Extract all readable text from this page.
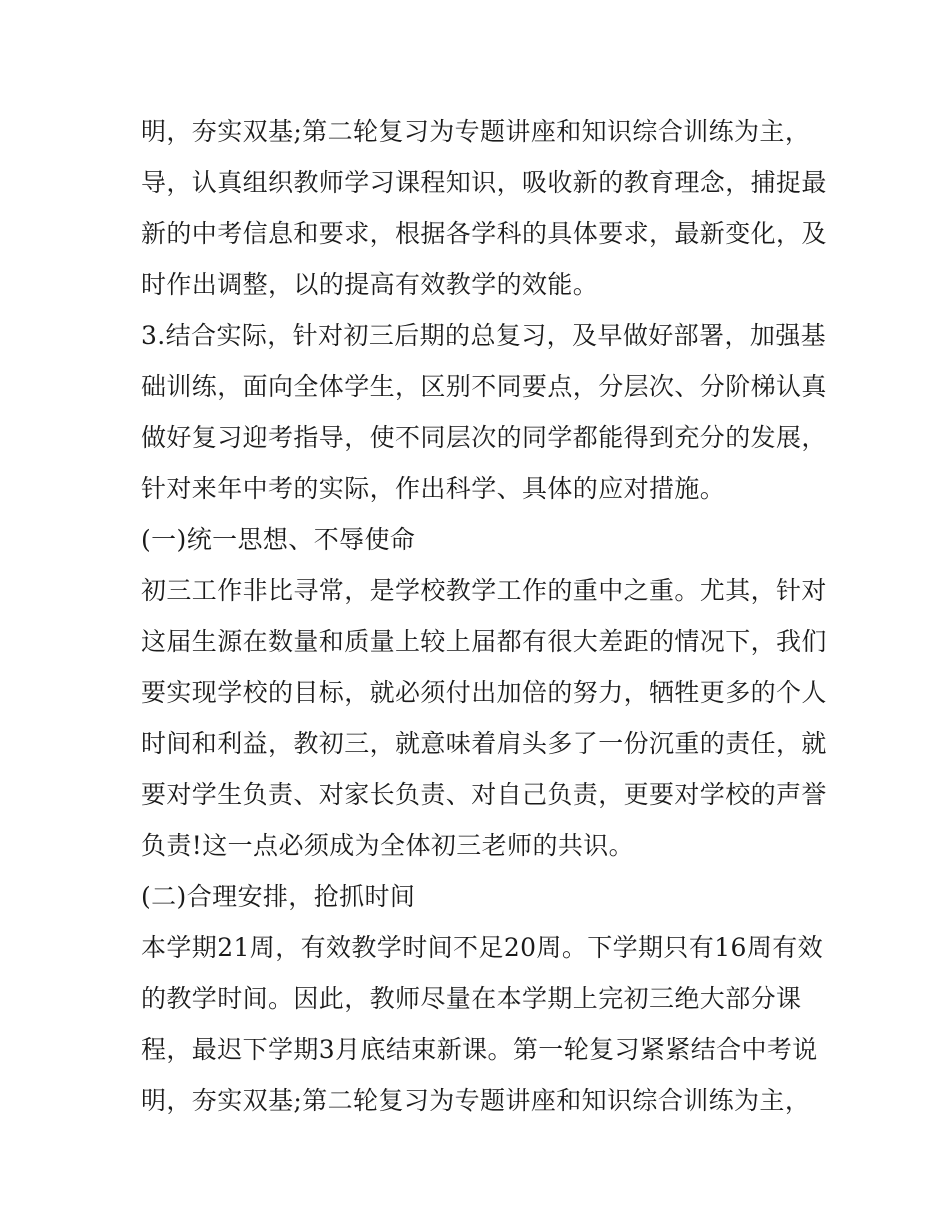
明，夯实双基;第二轮复习为专题讲座和知识综合训练为主，
导，认真组织教师学习课程知识，吸收新的教育理念，捕捉最
新的中考信息和要求，根据各学科的具体要求，最新变化，及
时作出调整，以的提高有效教学的效能。
3.结合实际，针对初三后期的总复习，及早做好部署，加强基
础训练，面向全体学生，区别不同要点，分层次、分阶梯认真
做好复习迎考指导，使不同层次的同学都能得到充分的发展，
针对来年中考的实际，作出科学、具体的应对措施。
(一)统一思想、不辱使命
初三工作非比寻常，是学校教学工作的重中之重。尤其，针对
这届生源在数量和质量上较上届都有很大差距的情况下，我们
要实现学校的目标，就必须付出加倍的努力，牺牲更多的个人
时间和利益，教初三，就意味着肩头多了一份沉重的责任，就
要对学生负责、对家长负责、对自己负责，更要对学校的声誉
负责!这一点必须成为全体初三老师的共识。
(二)合理安排，抢抓时间
本学期21周，有效教学时间不足20周。下学期只有16周有效
的教学时间。因此，教师尽量在本学期上完初三绝大部分课
程，最迟下学期3月底结束新课。第一轮复习紧紧结合中考说
明，夯实双基;第二轮复习为专题讲座和知识综合训练为主，
